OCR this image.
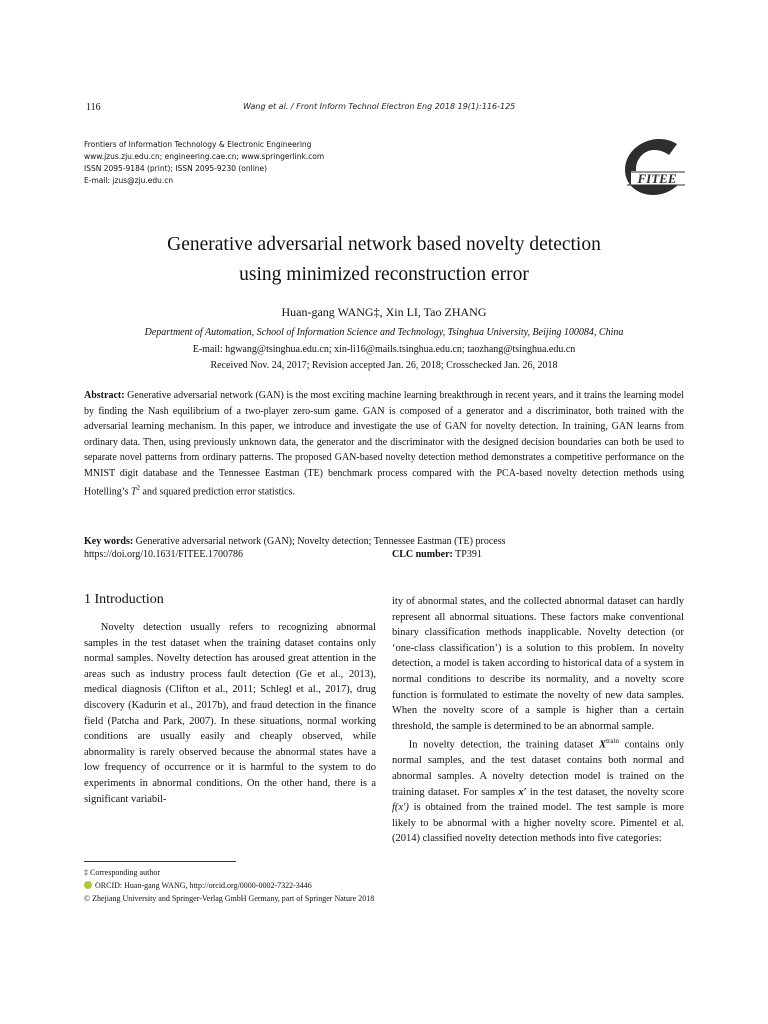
116	Wang et al. / Front Inform Technol Electron Eng 2018 19(1):116-125
Frontiers of Information Technology & Electronic Engineering
www.jzus.zju.edu.cn; engineering.cae.cn; www.springerlink.com
ISSN 2095-9184 (print); ISSN 2095-9230 (online)
E-mail: jzus@zju.edu.cn	FITEE
Generative adversarial network based novelty detection
using minimized reconstruction error
Huan-gang WANG‡, Xin LI, Tao ZHANG
Department of Automation, School of Information Science and Technology, Tsinghua University, Beijing 100084, China
E-mail: hgwang@tsinghua.edu.cn; xin-li16@mails.tsinghua.edu.cn; taozhang@tsinghua.edu.cn
Received Nov. 24, 2017; Revision accepted Jan. 26, 2018; Crosschecked Jan. 26, 2018
Abstract: Generative adversarial network (GAN) is the most exciting machine learning breakthrough in recent years, and it trains the learning model by finding the Nash equilibrium of a two-player zero-sum game. GAN is composed of a generator and a discriminator, both trained with the adversarial learning mechanism. In this paper, we introduce and investigate the use of GAN for novelty detection. In training, GAN learns from ordinary data. Then, using previously unknown data, the generator and the discriminator with the designed decision boundaries can both be used to separate novel patterns from ordinary patterns. The proposed GAN-based novelty detection method demonstrates a competitive performance on the MNIST digit database and the Tennessee Eastman (TE) benchmark process compared with the PCA-based novelty detection methods using Hotelling’s $T^2$ and squared prediction error statistics.
Key words: Generative adversarial network (GAN); Novelty detection; Tennessee Eastman (TE) process
https://doi.org/10.1631/FITEE.1700786	CLC number: TP391
1 Introduction

Novelty detection usually refers to recognizing abnormal samples in the test dataset when the training dataset contains only normal samples. Novelty detection has aroused great attention in the areas such as industry process fault detection (Ge et al., 2013), medical diagnosis (Clifton et al., 2011; Schlegl et al., 2017), drug discovery (Kadurin et al., 2017b), and fraud detection in the finance field (Patcha and Park, 2007). In these situations, normal working conditions are usually easily and cheaply observed, while abnormality is rarely observed because the abnormal states have a low frequency of occurrence or it is harmful to the system to do experiments in abnormal conditions. On the other hand, there is a significant variabil-

ity of abnormal states, and the collected abnormal dataset can hardly represent all abnormal situations. These factors make conventional binary classification methods inapplicable. Novelty detection (or ‘one-class classification’) is a solution to this problem. In novelty detection, a model is taken according to historical data of a system in normal conditions to describe its normality, and a novelty score function is formulated to estimate the novelty of new data samples. When the novelty score of a sample is higher than a certain threshold, the sample is determined to be an abnormal sample.

In novelty detection, the training dataset $X^{train}$ contains only normal samples, and the test dataset contains both normal and abnormal samples. A novelty detection model is trained on the training dataset. For samples x′ in the test dataset, the novelty score f(x′) is obtained from the trained model. The test sample is more likely to be abnormal with a higher novelty score. Pimentel et al. (2014) classified novelty detection methods into five categories:

‡ Corresponding author
ORCID: Huan-gang WANG, http://orcid.org/0000-0002-7322-3446
© Zhejiang University and Springer-Verlag GmbH Germany, part of Springer Nature 2018
